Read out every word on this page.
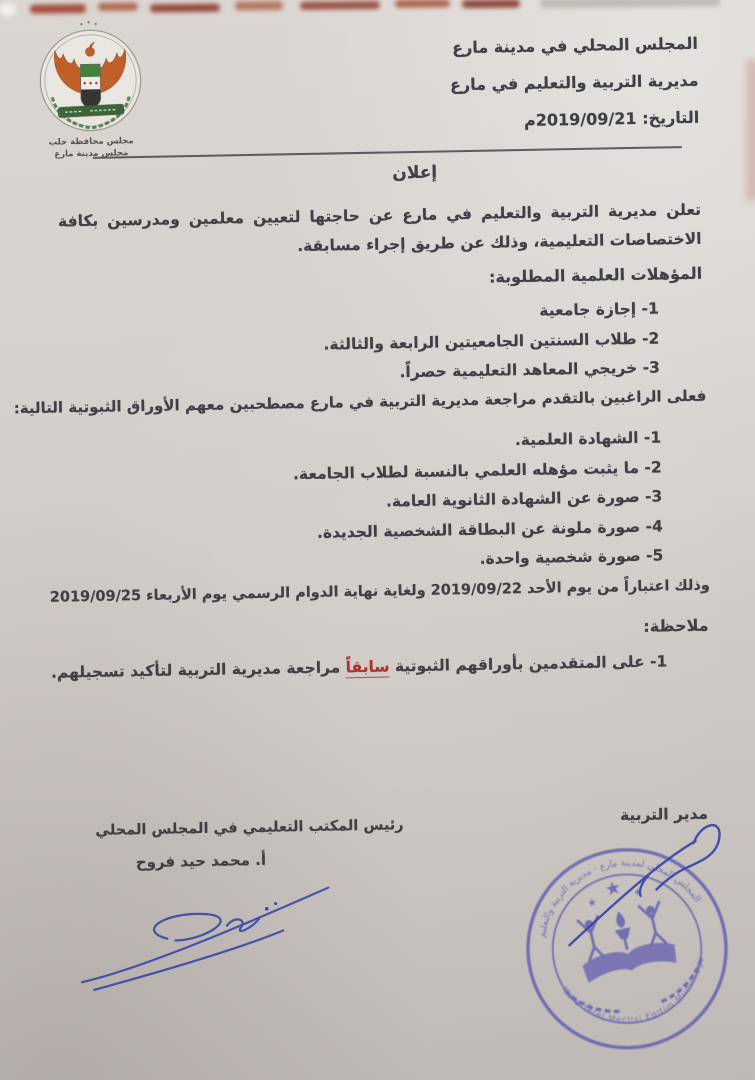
مجلس محافظة حلب
مجلس مدينة مارع
المجلس المحلي في مدينة مارع
مديرية التربية والتعليم في مارع
التاريخ: 2019/09/21م
إعلان
تعلن مديرية التربية والتعليم في مارع عن حاجتها لتعيين معلمين ومدرسين بكافة الاختصاصات التعليمية، وذلك عن طريق إجراء مسابقة.
المؤهلات العلمية المطلوبة:
1- إجازة جامعية
2- طلاب السنتين الجامعيتين الرابعة والثالثة.
3- خريجي المعاهد التعليمية حصراً.
فعلى الراغبين بالتقدم مراجعة مديرية التربية في مارع مصطحبين معهم الأوراق الثبوتية التالية:
1- الشهادة العلمية.
2- ما يثبت مؤهله العلمي بالنسبة لطلاب الجامعة.
3- صورة عن الشهادة الثانوية العامة.
4- صورة ملونة عن البطاقة الشخصية الجديدة.
5- صورة شخصية واحدة.
وذلك اعتباراً من يوم الأحد 2019/09/22 ولغاية نهاية الدوام الرسمي يوم الأربعاء 2019/09/25
ملاحظة:
1- على المتقدمين بأوراقهم الثبوتية سابقاً مراجعة مديرية التربية لتأكيد تسجيلهم.
مدير التربية
رئيس المكتب التعليمي في المجلس المحلي
أ. محمد حيد فروح
المجلس المحلي لمدينة مارع - مديرية التربية والتعليم
Mare Yerel Meclisi Egitim Mudurlugu
★
★
★
